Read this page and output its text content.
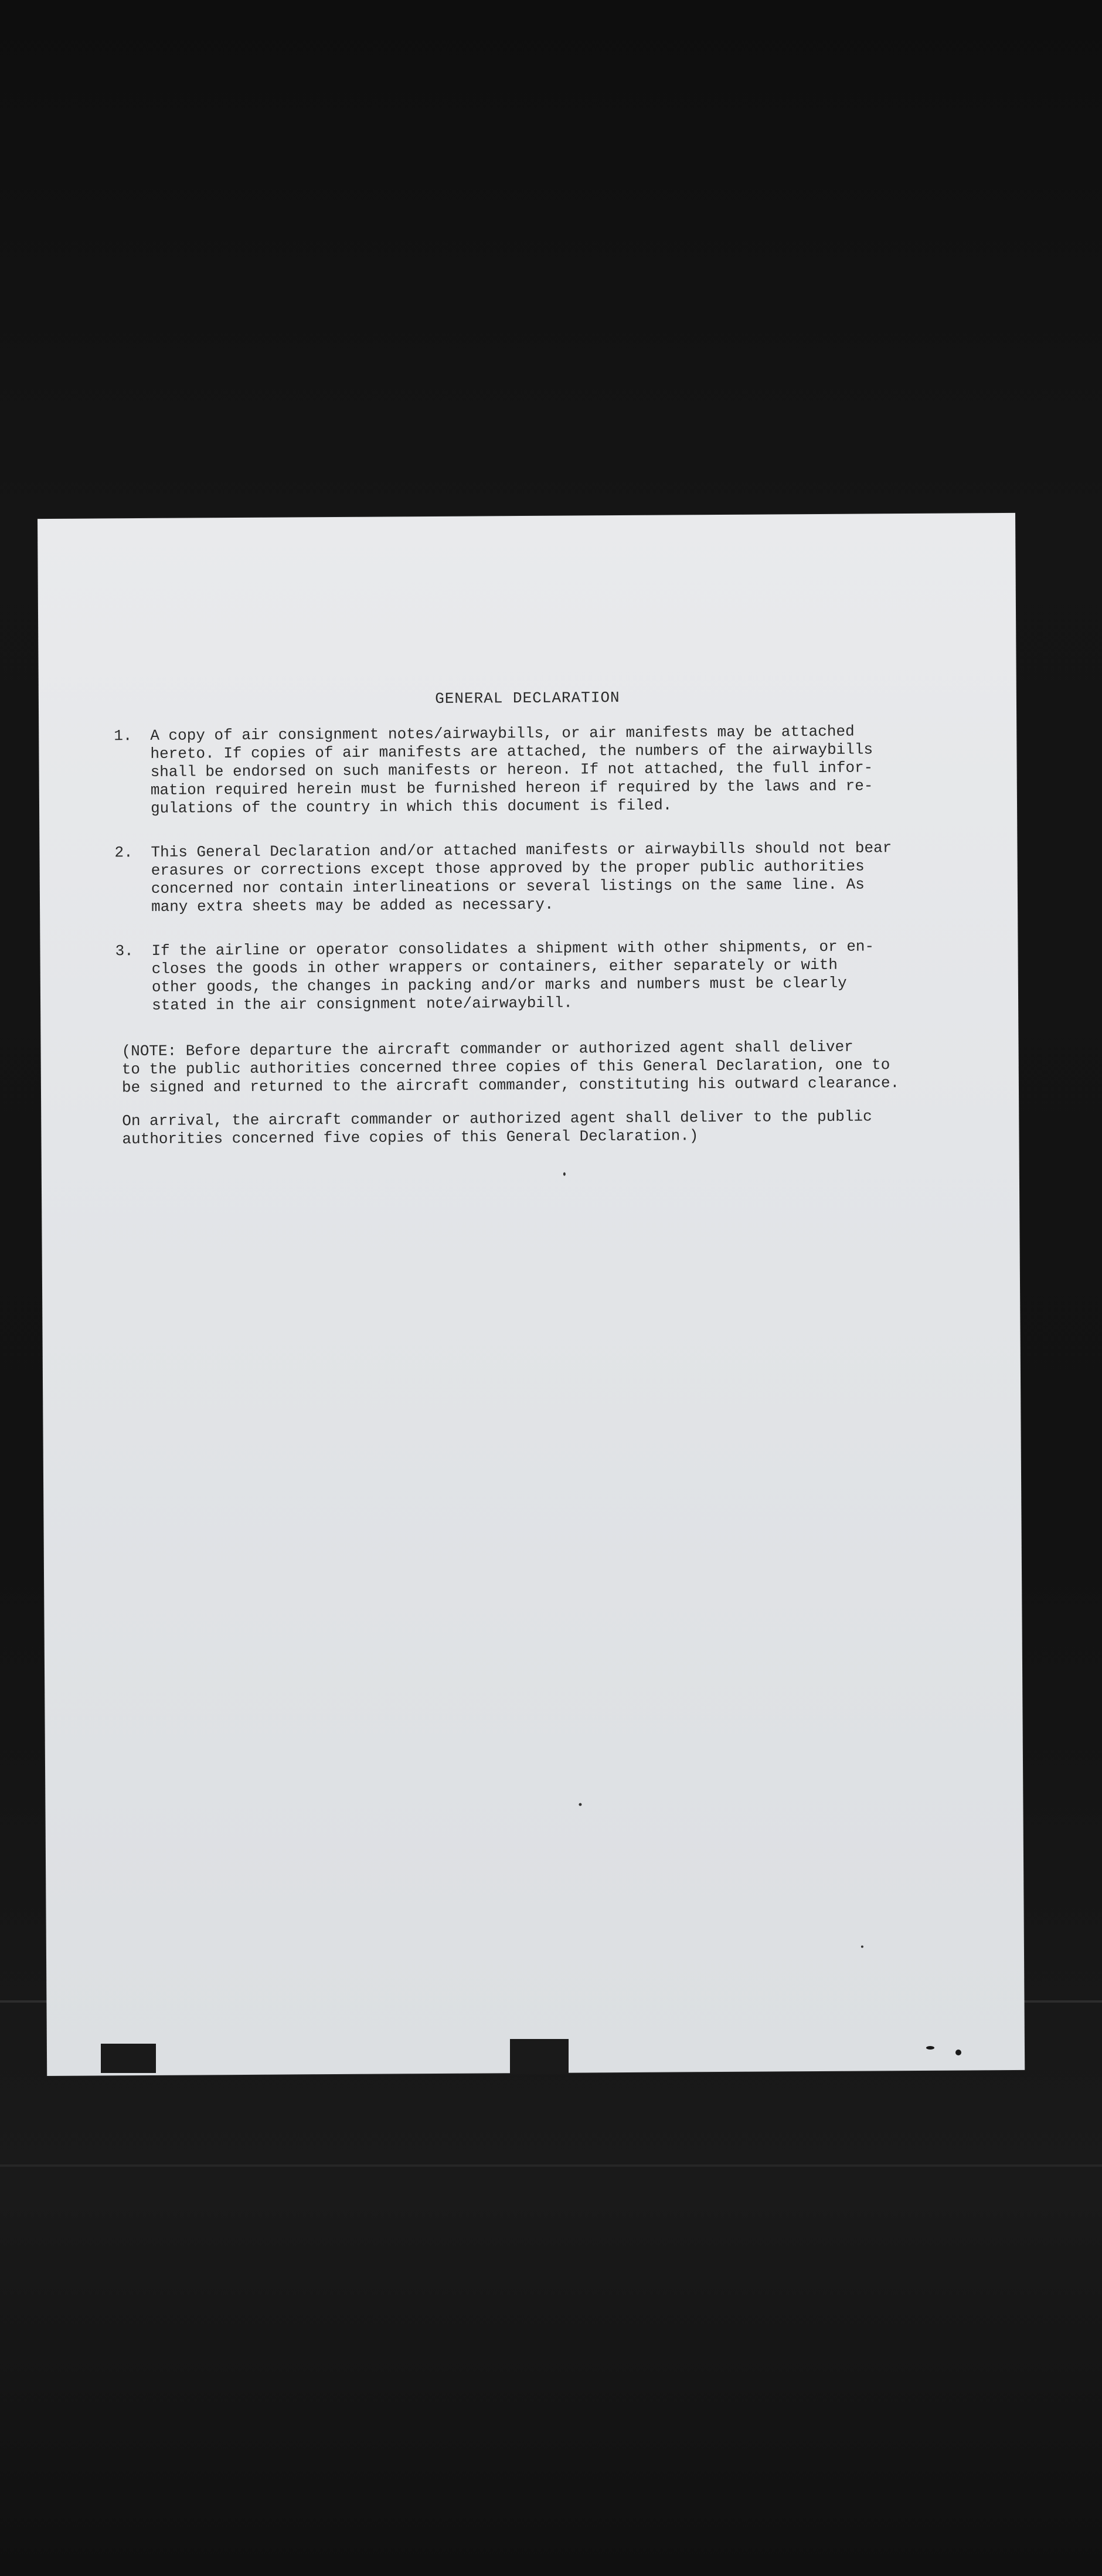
GENERAL DECLARATION
1. A copy of air consignment notes/airwaybills, or air manifests may be attached
hereto. If copies of air manifests are attached, the numbers of the airwaybills
shall be endorsed on such manifests or hereon. If not attached, the full infor-
mation required herein must be furnished hereon if required by the laws and re-
gulations of the country in which this document is filed.
2. This General Declaration and/or attached manifests or airwaybills should not bear
erasures or corrections except those approved by the proper public authorities
concerned nor contain interlineations or several listings on the same line. As
many extra sheets may be added as necessary.
3. If the airline or operator consolidates a shipment with other shipments, or en-
closes the goods in other wrappers or containers, either separately or with
other goods, the changes in packing and/or marks and numbers must be clearly
stated in the air consignment note/airwaybill.

(NOTE: Before departure the aircraft commander or authorized agent shall deliver
to the public authorities concerned three copies of this General Declaration, one to
be signed and returned to the aircraft commander, constituting his outward clearance.

On arrival, the aircraft commander or authorized agent shall deliver to the public
authorities concerned five copies of this General Declaration.)
